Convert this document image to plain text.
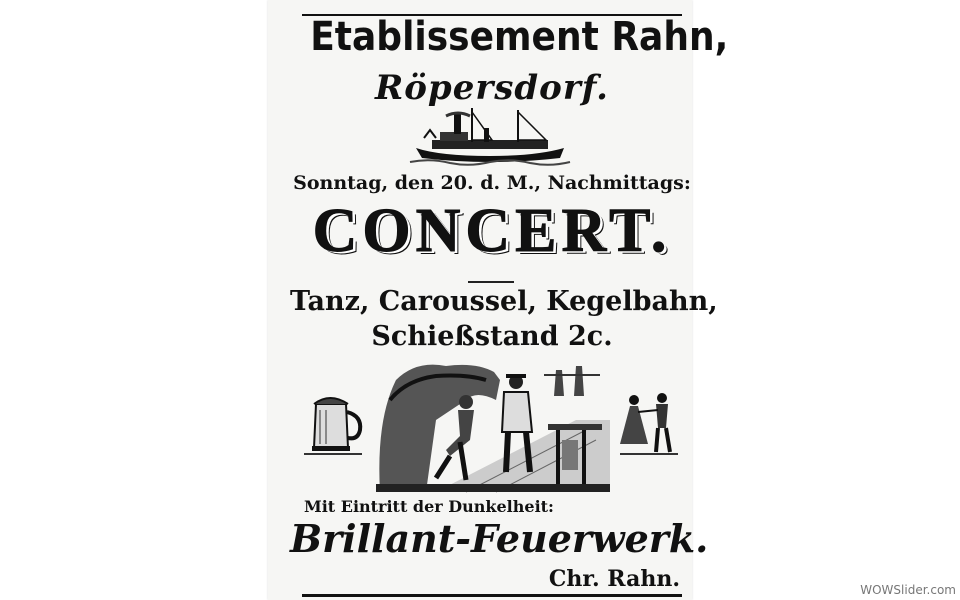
Etablissement Rahn,
Röpersdorf.
Sonntag, den 20. d. M., Nachmittags:
CONCERT.
Tanz, Caroussel, Kegelbahn,
Schießstand 2c.
Mit Eintritt der Dunkelheit:
Brillant-Feuerwerk.
Chr. Rahn.	WOWSlider.com
